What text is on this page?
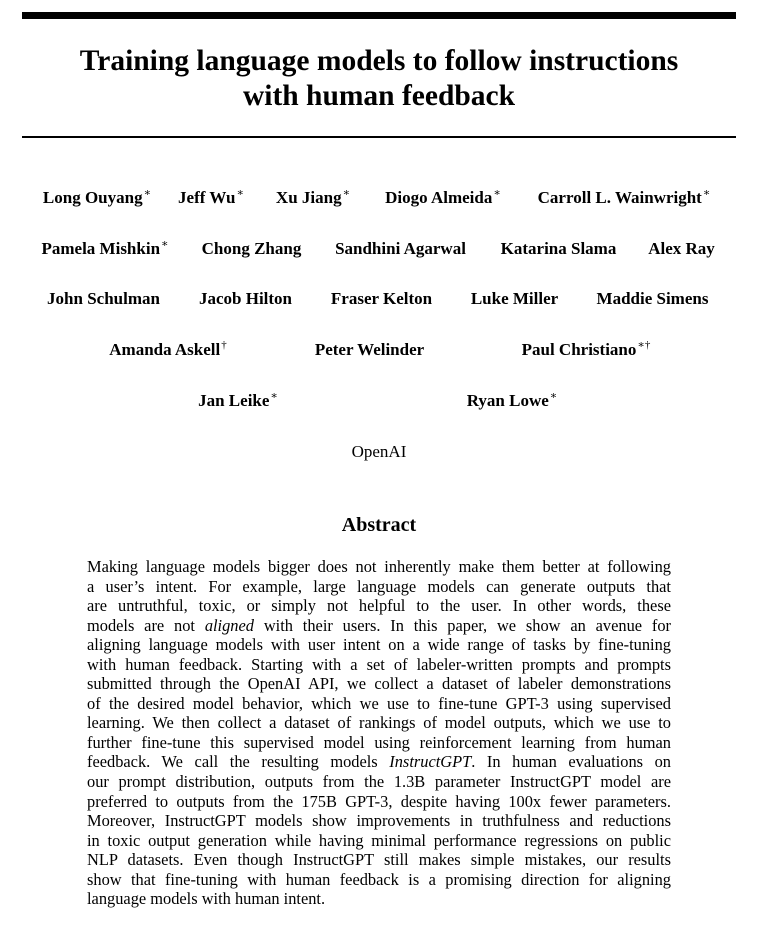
Training language models to follow instructions
with human feedback
Long Ouyang∗ Jeff Wu∗ Xu Jiang∗ Diogo Almeida∗ Carroll L. Wainwright∗
Pamela Mishkin∗ Chong Zhang Sandhini Agarwal Katarina Slama Alex Ray
John Schulman Jacob Hilton Fraser Kelton Luke Miller Maddie Simens
Amanda Askell†	Peter Welinder	Paul Christiano∗†
Jan Leike∗	Ryan Lowe∗
OpenAI
Abstract

Making language models bigger does not inherently make them better at following
a user’s intent. For example, large language models can generate outputs that
are untruthful, toxic, or simply not helpful to the user. In other words, these
models are not aligned with their users. In this paper, we show an avenue for
aligning language models with user intent on a wide range of tasks by fine-tuning
with human feedback. Starting with a set of labeler-written prompts and prompts
submitted through the OpenAI API, we collect a dataset of labeler demonstrations
of the desired model behavior, which we use to fine-tune GPT-3 using supervised
learning. We then collect a dataset of rankings of model outputs, which we use to
further fine-tune this supervised model using reinforcement learning from human
feedback. We call the resulting models InstructGPT. In human evaluations on
our prompt distribution, outputs from the 1.3B parameter InstructGPT model are
preferred to outputs from the 175B GPT-3, despite having 100x fewer parameters.
Moreover, InstructGPT models show improvements in truthfulness and reductions
in toxic output generation while having minimal performance regressions on public
NLP datasets. Even though InstructGPT still makes simple mistakes, our results
show that fine-tuning with human feedback is a promising direction for aligning
language models with human intent.
